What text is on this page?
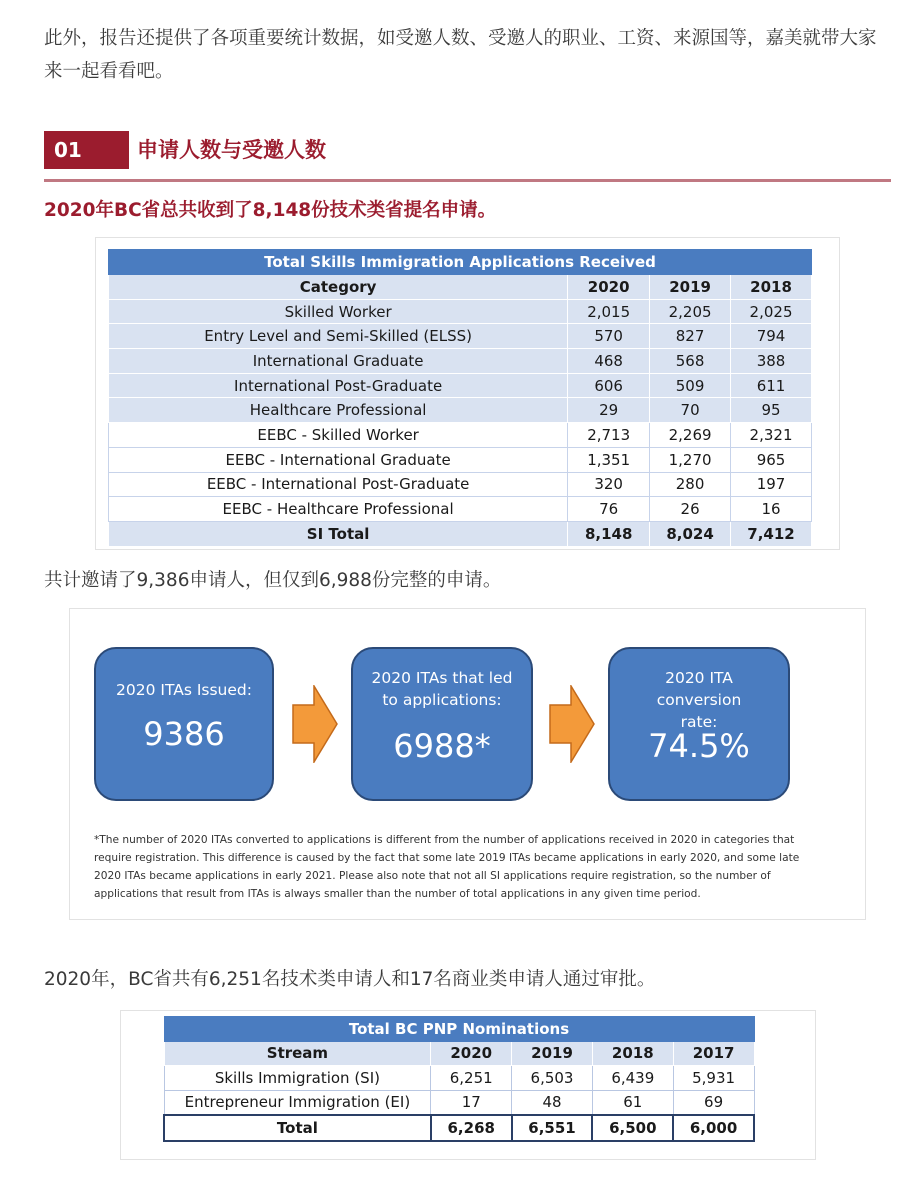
此外，报告还提供了各项重要统计数据，如受邀人数、受邀人的职业、工资、来源国等，嘉美就带大家来一起看看吧。
01	申请人数与受邀人数
2020年BC省总共收到了8,148份技术类省提名申请。
Total Skills Immigration Applications Received			
Category	2020	2019	2018
Skilled Worker	2,015	2,205	2,025
Entry Level and Semi-Skilled (ELSS)	570	827	794
International Graduate	468	568	388
International Post-Graduate	606	509	611
Healthcare Professional	29	70	95
EEBC - Skilled Worker	2,713	2,269	2,321
EEBC - International Graduate	1,351	1,270	965
EEBC - International Post-Graduate	320	280	197
EEBC - Healthcare Professional	76	26	16
SI Total	8,148	8,024	7,412
共计邀请了9,386申请人，但仅到6,988份完整的申请。
2020 ITAs Issued:
9386
2020 ITAs that led to applications:
6988*
2020 ITA conversion rate:
74.5%
*The number of 2020 ITAs converted to applications is different from the number of applications received in 2020 in categories that require registration. This difference is caused by the fact that some late 2019 ITAs became applications in early 2020, and some late 2020 ITAs became applications in early 2021. Please also note that not all SI applications require registration, so the number of applications that result from ITAs is always smaller than the number of total applications in any given time period.
2020年，BC省共有6,251名技术类申请人和17名商业类申请人通过审批。
Total BC PNP Nominations				
Stream	2020	2019	2018	2017
Skills Immigration (SI)	6,251	6,503	6,439	5,931
Entrepreneur Immigration (EI)	17	48	61	69
Total	6,268	6,551	6,500	6,000
